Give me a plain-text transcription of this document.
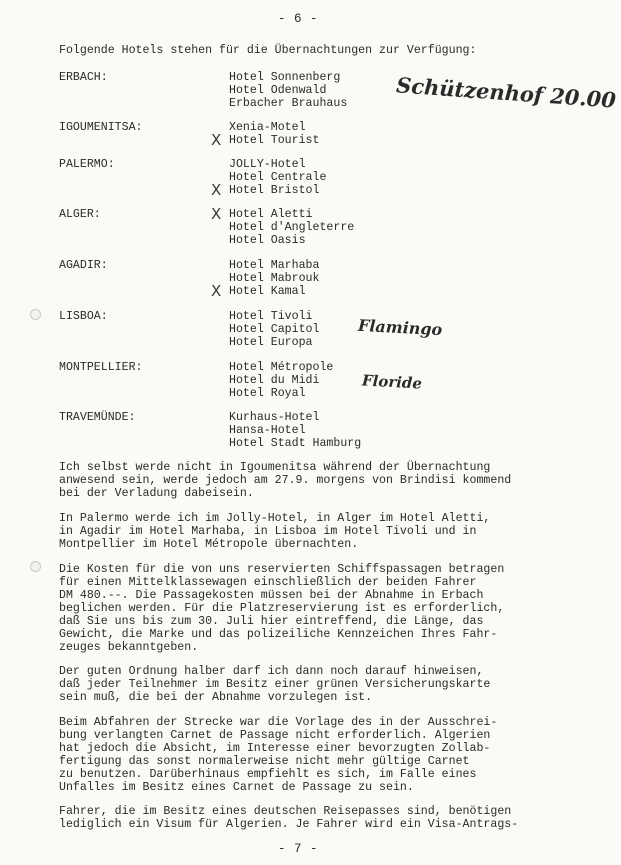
- 6 -
Folgende Hotels stehen für die Übernachtungen zur Verfügung:
ERBACH:	Hotel Sonnenberg
Hotel Odenwald
Erbacher Brauhaus Schützenhof 20.00
IGOUMENITSA:	Xenia-Motel
X Hotel Tourist
PALERMO:	JOLLY-Hotel
Hotel Centrale
X Hotel Bristol
ALGER:	X Hotel Aletti
Hotel d'Angleterre
Hotel Oasis
AGADIR:	Hotel Marhaba
Hotel Mabrouk
X Hotel Kamal
LISBOA:	Hotel Tivoli
Hotel Capitol
Hotel Europa
Flamingo
MONTPELLIER:	Hotel Métropole
Hotel du Midi
Hotel Royal
Floride
TRAVEMÜNDE:	Kurhaus-Hotel
Hansa-Hotel
Hotel Stadt Hamburg
Ich selbst werde nicht in Igoumenitsa während der Übernachtung
anwesend sein, werde jedoch am 27.9. morgens von Brindisi kommend
bei der Verladung dabeisein.
In Palermo werde ich im Jolly-Hotel, in Alger im Hotel Aletti,
in Agadir im Hotel Marhaba, in Lisboa im Hotel Tivoli und in
Montpellier im Hotel Métropole übernachten.
Die Kosten für die von uns reservierten Schiffspassagen betragen
für einen Mittelklassewagen einschließlich der beiden Fahrer
DM 480.--. Die Passagekosten müssen bei der Abnahme in Erbach
beglichen werden. Für die Platzreservierung ist es erforderlich,
daß Sie uns bis zum 30. Juli hier eintreffend, die Länge, das
Gewicht, die Marke und das polizeiliche Kennzeichen Ihres Fahr-
zeuges bekanntgeben.
Der guten Ordnung halber darf ich dann noch darauf hinweisen,
daß jeder Teilnehmer im Besitz einer grünen Versicherungskarte
sein muß, die bei der Abnahme vorzulegen ist.
Beim Abfahren der Strecke war die Vorlage des in der Ausschrei-
bung verlangten Carnet de Passage nicht erforderlich. Algerien
hat jedoch die Absicht, im Interesse einer bevorzugten Zollab-
fertigung das sonst normalerweise nicht mehr gültige Carnet
zu benutzen. Darüberhinaus empfiehlt es sich, im Falle eines
Unfalles im Besitz eines Carnet de Passage zu sein.
Fahrer, die im Besitz eines deutschen Reisepasses sind, benötigen
lediglich ein Visum für Algerien. Je Fahrer wird ein Visa-Antrags-
- 7 -
